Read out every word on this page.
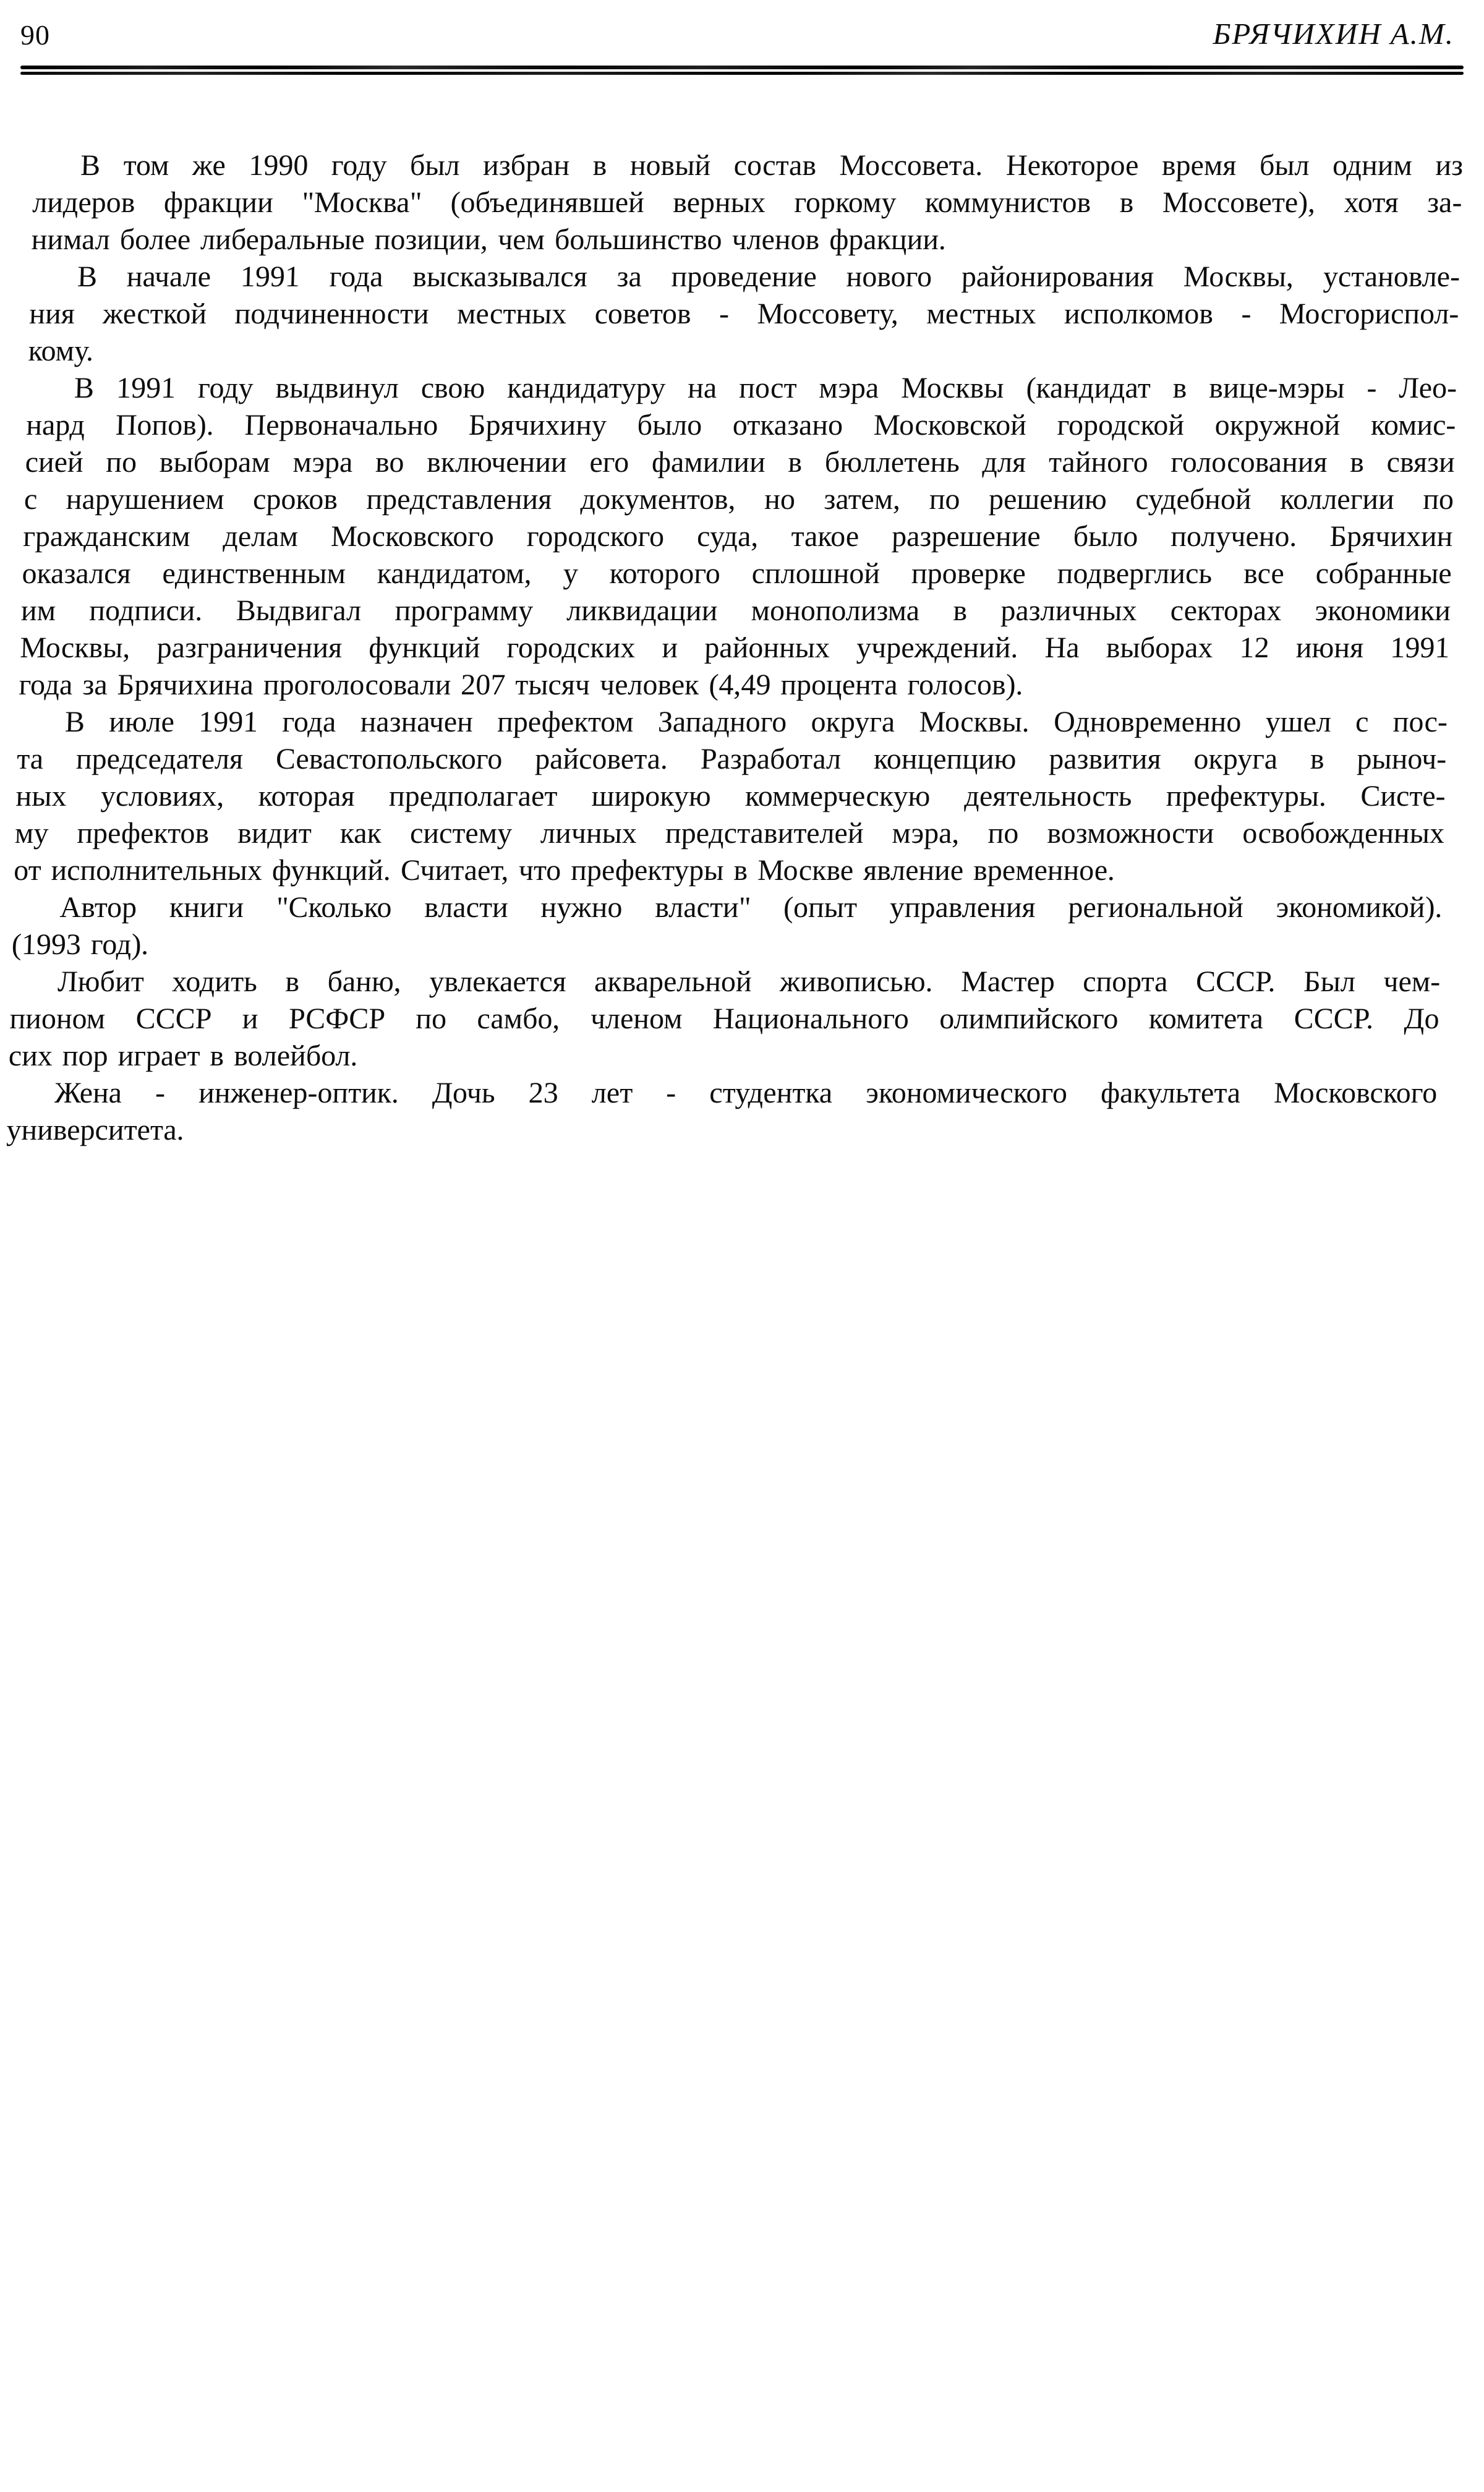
90	БРЯЧИХИН А.М.
В том же 1990 году был избран в новый состав Моссовета. Некоторое время был одним из
лидеров фракции "Москва" (объединявшей верных горкому коммунистов в Моссовете), хотя за-
нимал более либеральные позиции, чем большинство членов фракции.
В начале 1991 года высказывался за проведение нового районирования Москвы, установле-
ния жесткой подчиненности местных советов - Моссовету, местных исполкомов - Мосгориспол-
кому.
В 1991 году выдвинул свою кандидатуру на пост мэра Москвы (кандидат в вице-мэры - Лео-
нард Попов). Первоначально Брячихину было отказано Московской городской окружной комис-
сией по выборам мэра во включении его фамилии в бюллетень для тайного голосования в связи
с нарушением сроков представления документов, но затем, по решению судебной коллегии по
гражданским делам Московского городского суда, такое разрешение было получено. Брячихин
оказался единственным кандидатом, у которого сплошной проверке подверглись все собранные
им подписи. Выдвигал программу ликвидации монополизма в различных секторах экономики
Москвы, разграничения функций городских и районных учреждений. На выборах 12 июня 1991
года за Брячихина проголосовали 207 тысяч человек (4,49 процента голосов).
В июле 1991 года назначен префектом Западного округа Москвы. Одновременно ушел с пос-
та председателя Севастопольского райсовета. Разработал концепцию развития округа в рыноч-
ных условиях, которая предполагает широкую коммерческую деятельность префектуры. Систе-
му префектов видит как систему личных представителей мэра, по возможности освобожденных
от исполнительных функций. Считает, что префектуры в Москве явление временное.
Автор книги "Сколько власти нужно власти" (опыт управления региональной экономикой).
(1993 год).
Любит ходить в баню, увлекается акварельной живописью. Мастер спорта СССР. Был чем-
пионом СССР и РСФСР по самбо, членом Национального олимпийского комитета СССР. До
сих пор играет в волейбол.
Жена - инженер-оптик. Дочь 23 лет - студентка экономического факультета Московского
университета.
